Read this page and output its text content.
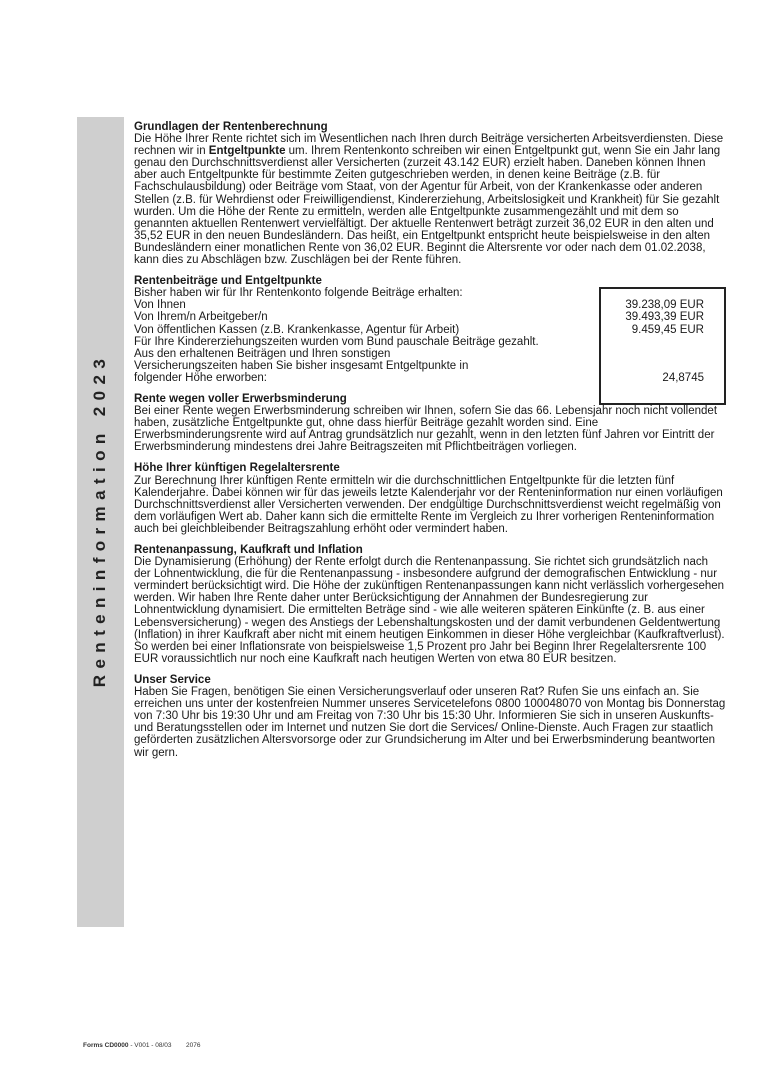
Renteninformation 2023
Grundlagen der Rentenberechnung

Die Höhe Ihrer Rente richtet sich im Wesentlichen nach Ihren durch Beiträge versicherten Arbeitsverdiensten. Diese rechnen wir in Entgeltpunkte um. Ihrem Rentenkonto schreiben wir einen Entgeltpunkt gut, wenn Sie ein Jahr lang genau den Durchschnittsverdienst aller Versicherten (zurzeit 43.142 EUR) erzielt haben. Daneben können Ihnen aber auch Entgeltpunkte für bestimmte Zeiten gutgeschrieben werden, in denen keine Beiträge (z.B. für Fachschulausbildung) oder Beiträge vom Staat, von der Agentur für Arbeit, von der Krankenkasse oder anderen Stellen (z.B. für Wehrdienst oder Freiwilligendienst, Kindererziehung, Arbeitslosigkeit und Krankheit) für Sie gezahlt wurden. Um die Höhe der Rente zu ermitteln, werden alle Entgeltpunkte zusammengezählt und mit dem so genannten aktuellen Rentenwert vervielfältigt. Der aktuelle Rentenwert beträgt zurzeit 36,02 EUR in den alten und 35,52 EUR in den neuen Bundesländern. Das heißt, ein Entgeltpunkt entspricht heute beispielsweise in den alten Bundesländern einer monatlichen Rente von 36,02 EUR. Beginnt die Altersrente vor oder nach dem 01.02.2038, kann dies zu Abschlägen bzw. Zuschlägen bei der Rente führen.

Rentenbeiträge und Entgeltpunkte

Bisher haben wir für Ihr Rentenkonto folgende Beiträge erhalten:

Von Ihnen	39.238,09 EUR
Von Ihrem/n Arbeitgeber/n	39.493,39 EUR
Von öffentlichen Kassen (z.B. Krankenkasse, Agentur für Arbeit)	9.459,45 EUR
Für Ihre Kindererziehungszeiten wurden vom Bund pauschale Beiträge gezahlt.
Aus den erhaltenen Beiträgen und Ihren sonstigen
Versicherungszeiten haben Sie bisher insgesamt Entgeltpunkte in
folgender Höhe erworben:	24,8745
Rente wegen voller Erwerbsminderung

Bei einer Rente wegen Erwerbsminderung schreiben wir Ihnen, sofern Sie das 66. Lebensjahr noch nicht vollendet haben, zusätzliche Entgeltpunkte gut, ohne dass hierfür Beiträge gezahlt worden sind. Eine Erwerbsminderungsrente wird auf Antrag grundsätzlich nur gezahlt, wenn in den letzten fünf Jahren vor Eintritt der Erwerbsminderung mindestens drei Jahre Beitragszeiten mit Pflichtbeiträgen vorliegen.

Höhe Ihrer künftigen Regelaltersrente

Zur Berechnung Ihrer künftigen Rente ermitteln wir die durchschnittlichen Entgeltpunkte für die letzten fünf Kalenderjahre. Dabei können wir für das jeweils letzte Kalenderjahr vor der Renteninformation nur einen vorläufigen Durchschnittsverdienst aller Versicherten verwenden. Der endgültige Durchschnittsverdienst weicht regelmäßig von dem vorläufigen Wert ab. Daher kann sich die ermittelte Rente im Vergleich zu Ihrer vorherigen Renteninformation auch bei gleichbleibender Beitragszahlung erhöht oder vermindert haben.

Rentenanpassung, Kaufkraft und Inflation

Die Dynamisierung (Erhöhung) der Rente erfolgt durch die Rentenanpassung. Sie richtet sich grundsätzlich nach der Lohnentwicklung, die für die Rentenanpassung - insbesondere aufgrund der demografischen Entwicklung - nur vermindert berücksichtigt wird. Die Höhe der zukünftigen Rentenanpassungen kann nicht verlässlich vorhergesehen werden. Wir haben Ihre Rente daher unter Berücksichtigung der Annahmen der Bundesregierung zur Lohnentwicklung dynamisiert. Die ermittelten Beträge sind - wie alle weiteren späteren Einkünfte (z. B. aus einer Lebensversicherung) - wegen des Anstiegs der Lebenshaltungskosten und der damit verbundenen Geldentwertung (Inflation) in ihrer Kaufkraft aber nicht mit einem heutigen Einkommen in dieser Höhe vergleichbar (Kaufkraftverlust). So werden bei einer Inflationsrate von beispielsweise 1,5 Prozent pro Jahr bei Beginn Ihrer Regelaltersrente 100 EUR voraussichtlich nur noch eine Kaufkraft nach heutigen Werten von etwa 80 EUR besitzen.

Unser Service

Haben Sie Fragen, benötigen Sie einen Versicherungsverlauf oder unseren Rat? Rufen Sie uns einfach an. Sie erreichen uns unter der kostenfreien Nummer unseres Servicetelefons 0800 100048070 von Montag bis Donnerstag von 7:30 Uhr bis 19:30 Uhr und am Freitag von 7:30 Uhr bis 15:30 Uhr. Informieren Sie sich in unseren Auskunfts- und Beratungsstellen oder im Internet und nutzen Sie dort die Services/ Online-Dienste. Auch Fragen zur staatlich geförderten zusätzlichen Altersvorsorge oder zur Grundsicherung im Alter und bei Erwerbsminderung beantworten wir gern.

Forms CD0000 - V001 - 08/03 2076
